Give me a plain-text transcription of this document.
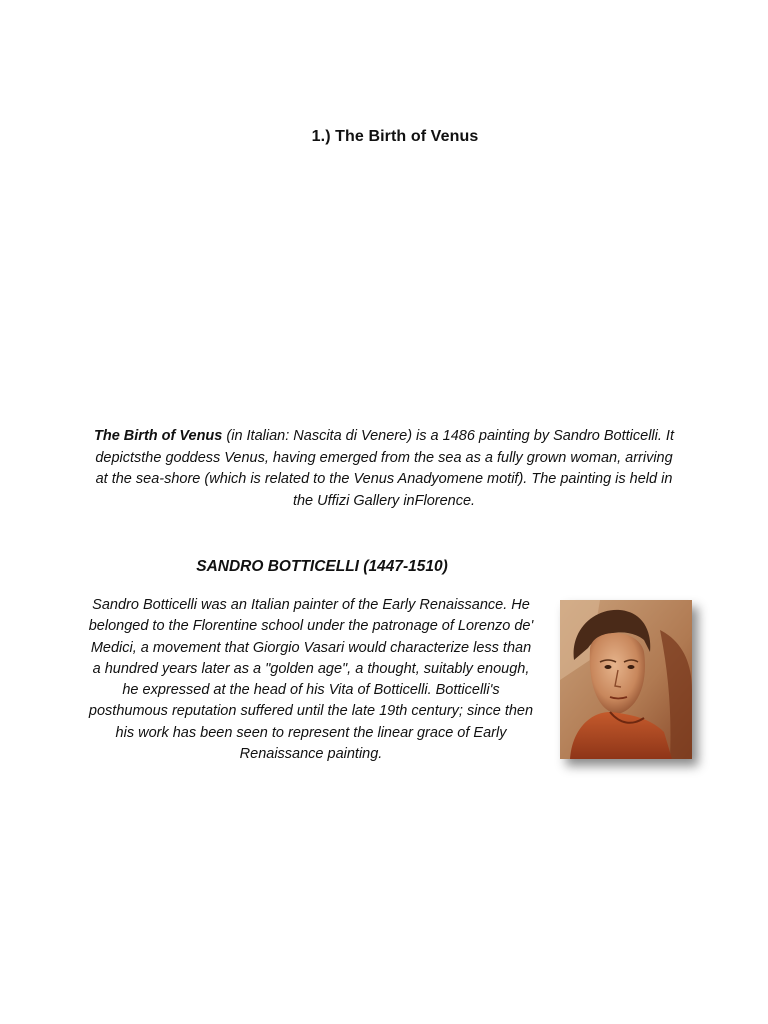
1.) The Birth of Venus

The Birth of Venus (in Italian: Nascita di Venere) is a 1486 painting by Sandro Botticelli. It depictsthe goddess Venus, having emerged from the sea as a fully grown woman, arriving at the sea-shore (which is related to the Venus Anadyomene motif). The painting is held in the Uffizi Gallery inFlorence.

SANDRO BOTTICELLI (1447-1510)

Sandro Botticelli was an Italian painter of the Early Renaissance. He belonged to the Florentine school under the patronage of Lorenzo de' Medici, a movement that Giorgio Vasari would characterize less than a hundred years later as a "golden age", a thought, suitably enough, he expressed at the head of his Vita of Botticelli. Botticelli's posthumous reputation suffered until the late 19th century; since then his work has been seen to represent the linear grace of Early Renaissance painting.
